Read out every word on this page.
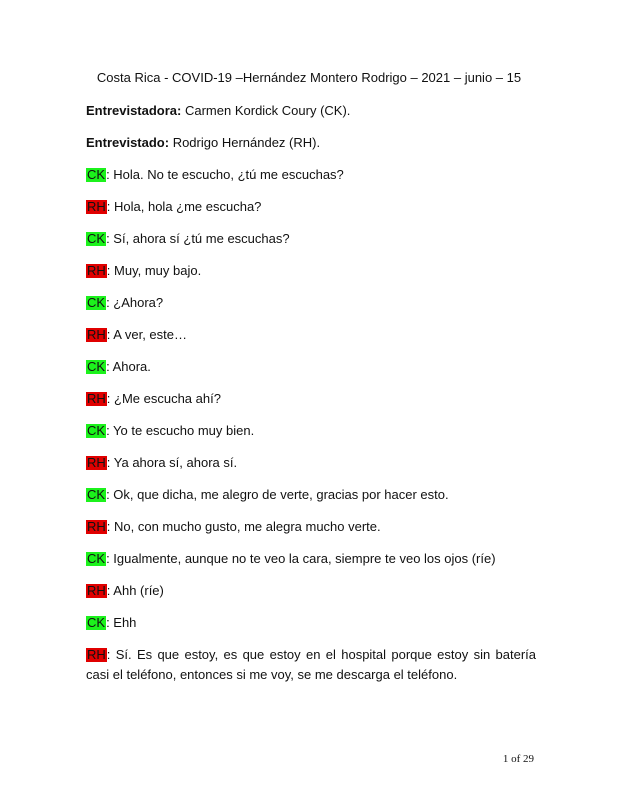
Costa Rica - COVID-19 –Hernández Montero Rodrigo – 2021 – junio – 15
Entrevistadora: Carmen Kordick Coury (CK).
Entrevistado: Rodrigo Hernández (RH).
CK: Hola. No te escucho, ¿tú me escuchas?
RH: Hola, hola ¿me escucha?
CK: Sí, ahora sí ¿tú me escuchas?
RH: Muy, muy bajo.
CK: ¿Ahora?
RH: A ver, este…
CK: Ahora.
RH: ¿Me escucha ahí?
CK: Yo te escucho muy bien.
RH: Ya ahora sí, ahora sí.
CK: Ok, que dicha, me alegro de verte, gracias por hacer esto.
RH: No, con mucho gusto, me alegra mucho verte.
CK: Igualmente, aunque no te veo la cara, siempre te veo los ojos (ríe)
RH: Ahh (ríe)
CK: Ehh
RH: Sí. Es que estoy, es que estoy en el hospital porque estoy sin batería casi el teléfono, entonces si me voy, se me descarga el teléfono.
1 of 29
